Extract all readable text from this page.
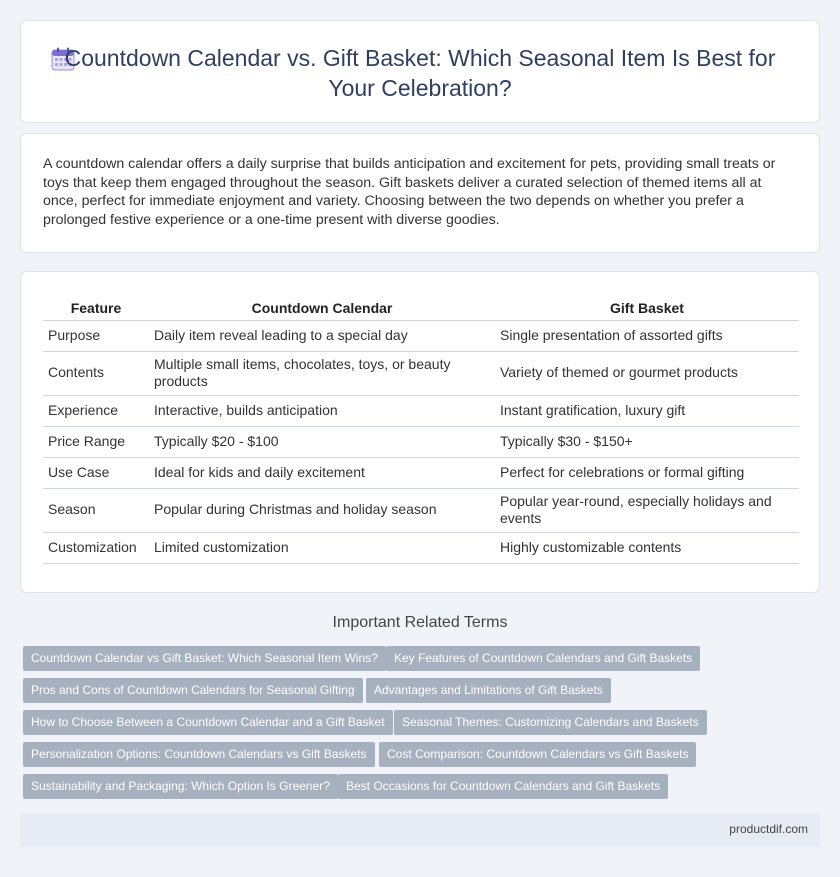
Countdown Calendar vs. Gift Basket: Which Seasonal Item Is Best for Your Celebration?

A countdown calendar offers a daily surprise that builds anticipation and excitement for pets, providing small treats or toys that keep them engaged throughout the season. Gift baskets deliver a curated selection of themed items all at once, perfect for immediate enjoyment and variety. Choosing between the two depends on whether you prefer a prolonged festive experience or a one-time present with diverse goodies.

Feature	Countdown Calendar	Gift Basket
Purpose	Daily item reveal leading to a special day	Single presentation of assorted gifts
Contents	Multiple small items, chocolates, toys, or beauty products	Variety of themed or gourmet products
Experience	Interactive, builds anticipation	Instant gratification, luxury gift
Price Range	Typically $20 - $100	Typically $30 - $150+
Use Case	Ideal for kids and daily excitement	Perfect for celebrations or formal gifting
Season	Popular during Christmas and holiday season	Popular year-round, especially holidays and events
Customization	Limited customization	Highly customizable contents
Important Related Terms
Countdown Calendar vs Gift Basket: Which Seasonal Item Wins?	Key Features of Countdown Calendars and Gift Baskets
Pros and Cons of Countdown Calendars for Seasonal Gifting	Advantages and Limitations of Gift Baskets
How to Choose Between a Countdown Calendar and a Gift Basket	Seasonal Themes: Customizing Calendars and Baskets
Personalization Options: Countdown Calendars vs Gift Baskets	Cost Comparison: Countdown Calendars vs Gift Baskets
Sustainability and Packaging: Which Option Is Greener?	Best Occasions for Countdown Calendars and Gift Baskets
productdif.com
